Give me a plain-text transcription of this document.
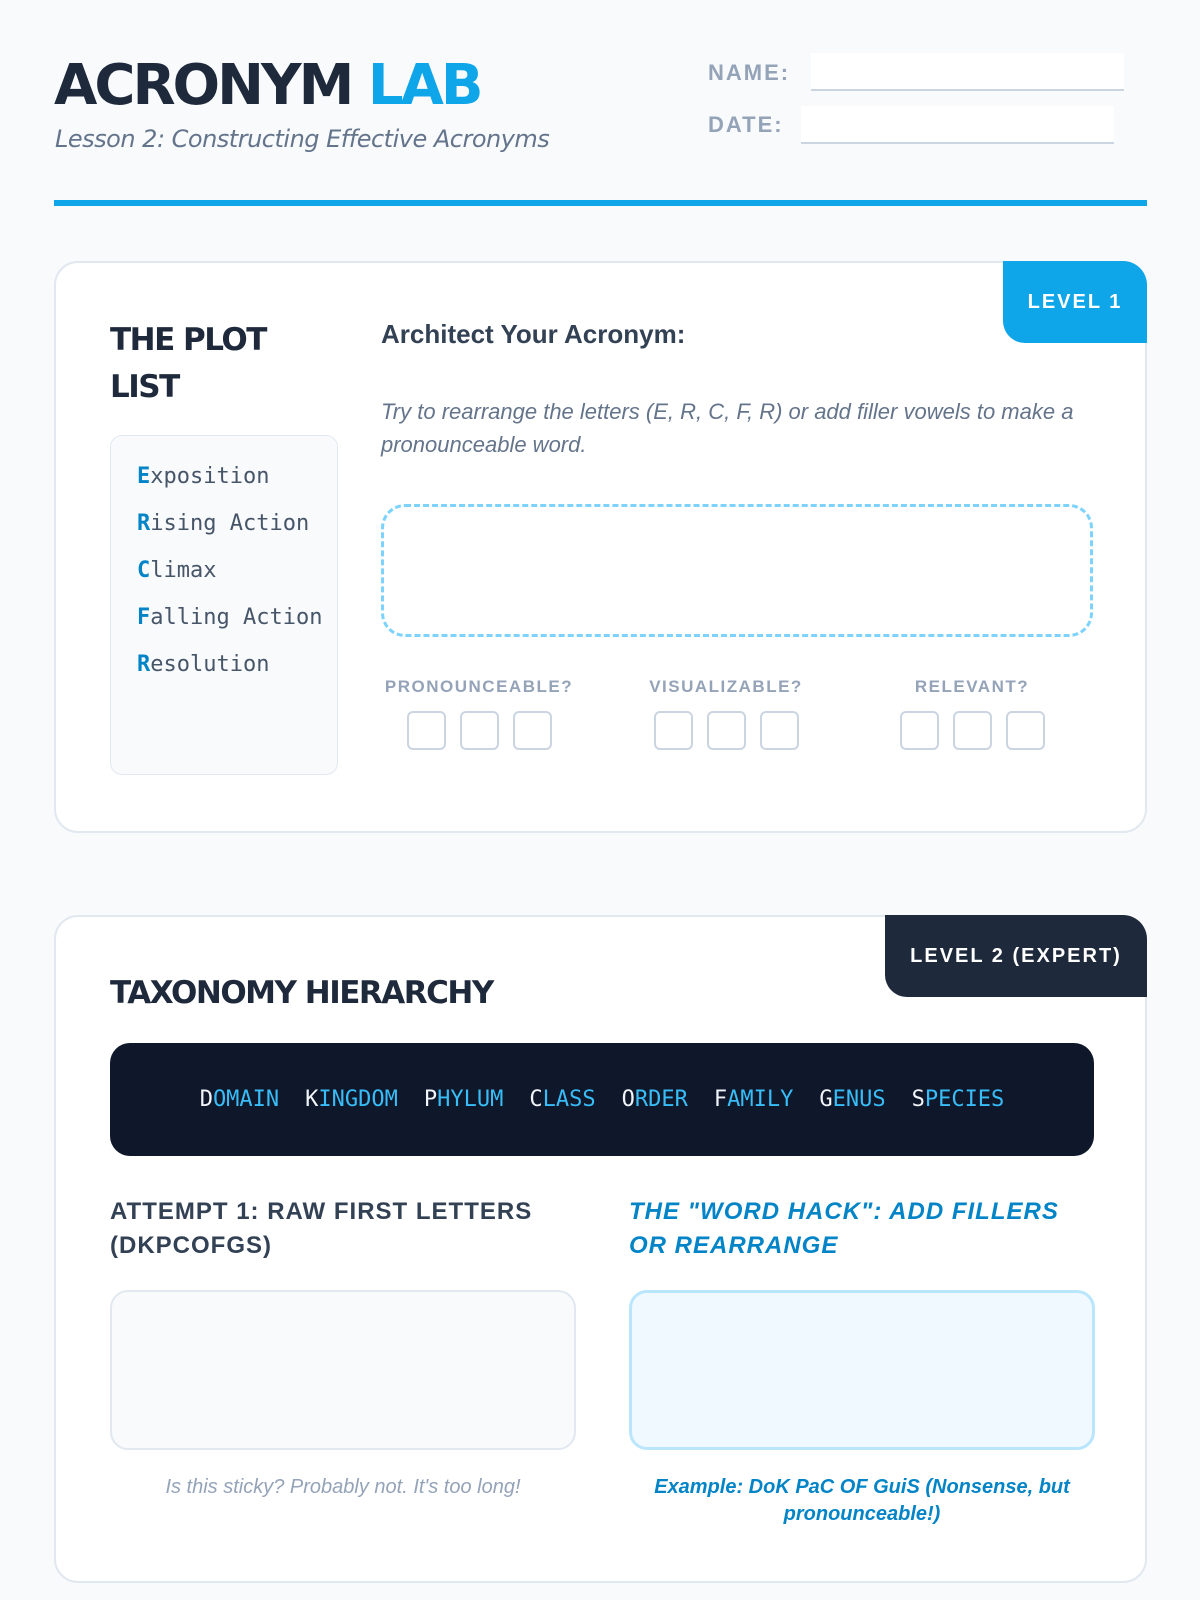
ACRONYM LAB
Lesson 2: Constructing Effective Acronyms
NAME:
DATE:
LEVEL 1
THE PLOT LIST
Exposition
Rising Action
Climax
Falling Action
Resolution
Architect Your Acronym:
Try to rearrange the letters (E, R, C, F, R) or add filler vowels to make a pronounceable word.
PRONOUNCEABLE?	VISUALIZABLE?	RELEVANT?
LEVEL 2 (EXPERT)
TAXONOMY HIERARCHY
DOMAIN KINGDOM PHYLUM CLASS ORDER FAMILY GENUS SPECIES
ATTEMPT 1: RAW FIRST LETTERS (DKPCOFGS)
THE "WORD HACK": ADD FILLERS OR REARRANGE
Is this sticky? Probably not. It's too long!	Example: DoK PaC OF GuiS (Nonsense, but pronounceable!)
